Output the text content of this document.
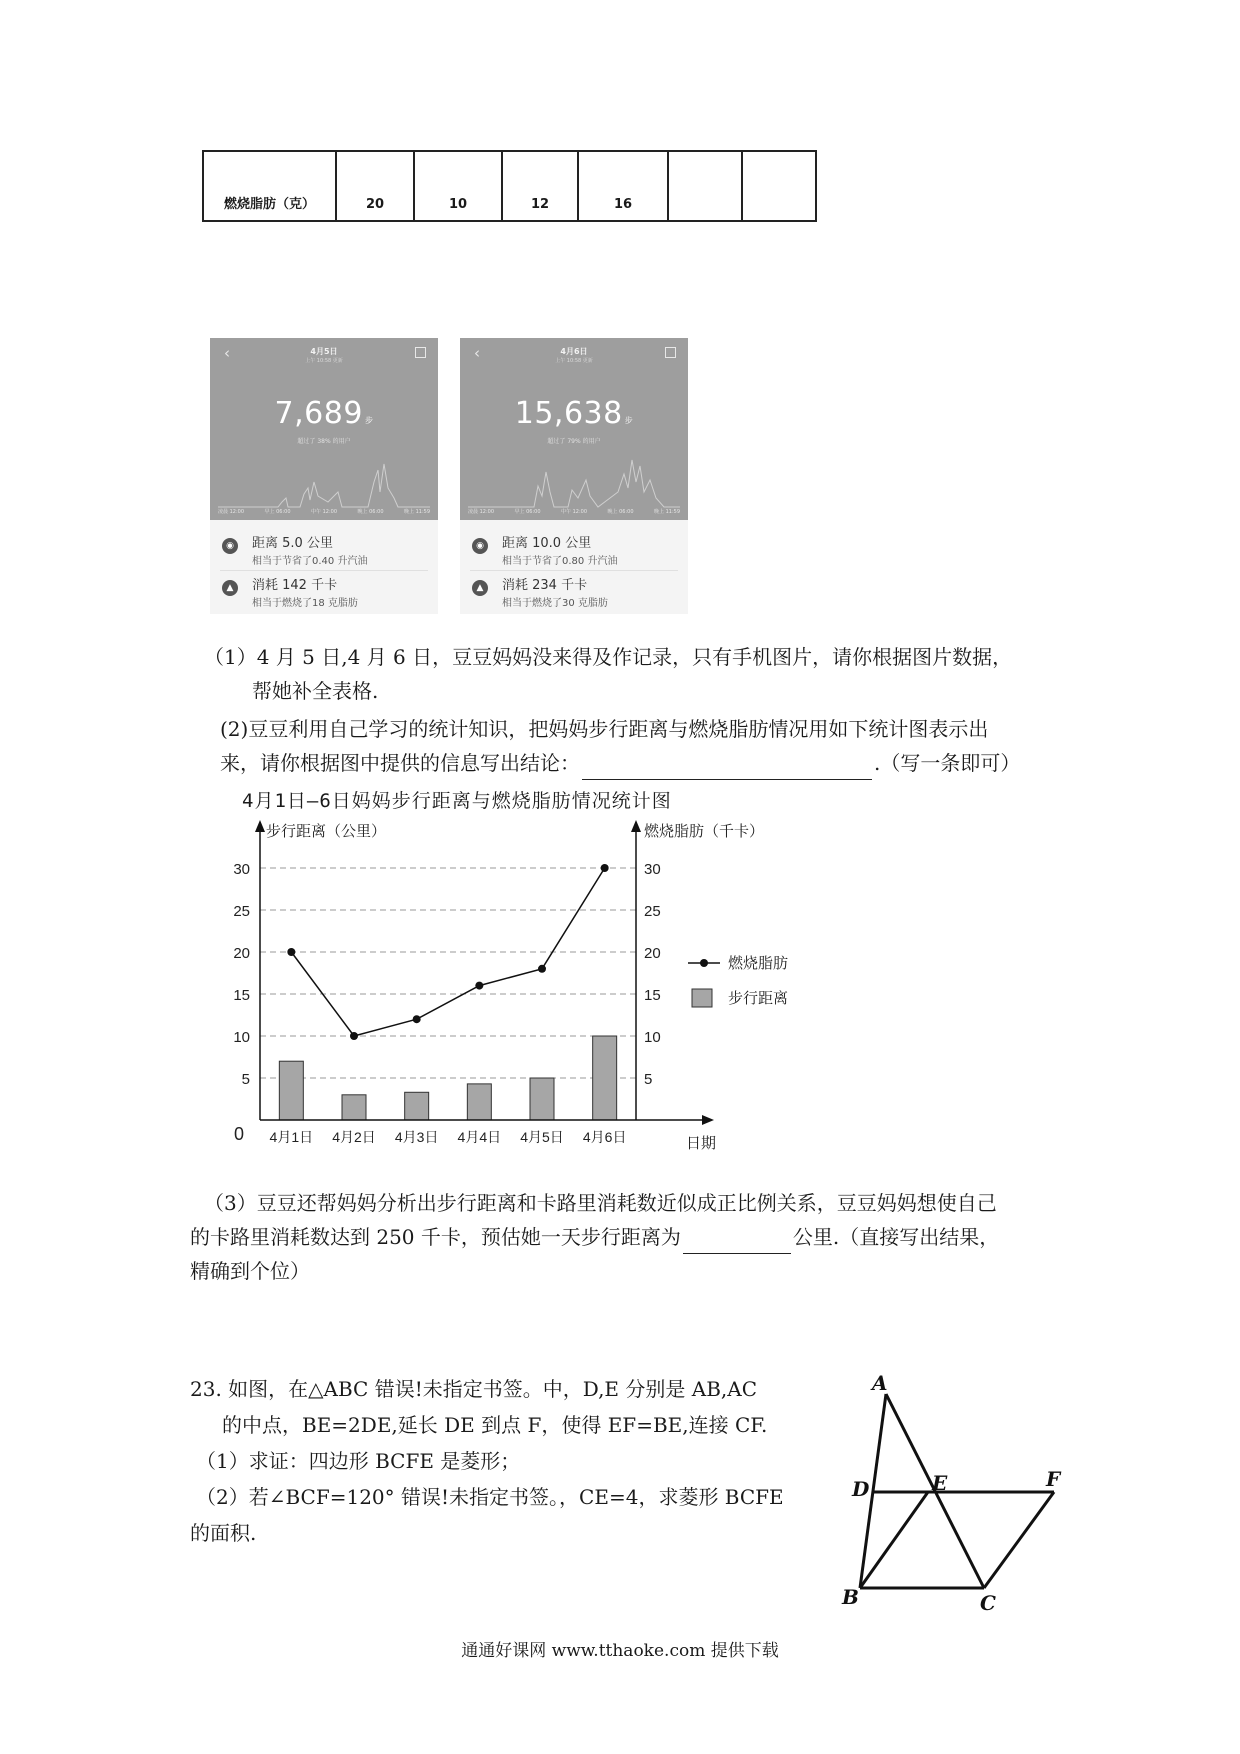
燃烧脂肪（克）	20	10	12	16		
‹	4月5日
上午 10:58 更新
7,689 步
超过了 38% 的用户
凌晨 12:00	早上 06:00	中午 12:00	晚上 06:00	晚上 11:59
◉	距离 5.0 公里
相当于节省了0.40 升汽油
▲	消耗 142 千卡
相当于燃烧了18 克脂肪
‹	4月6日
上午 10:58 更新
15,638 步
超过了 79% 的用户
凌晨 12:00	早上 06:00	中午 12:00	晚上 06:00	晚上 11:59
◉	距离 10.0 公里
相当于节省了0.80 升汽油
▲	消耗 234 千卡
相当于燃烧了30 克脂肪
（1）4 月 5 日,4 月 6 日，豆豆妈妈没来得及作记录，只有手机图片，请你根据图片数据，
帮她补全表格.
(2)豆豆利用自己学习的统计知识，把妈妈步行距离与燃烧脂肪情况用如下统计图表示出
来，请你根据图中提供的信息写出结论：	.（写一条即可）
4月1日—6日妈妈步行距离与燃烧脂肪情况统计图
5	5
10	10
15	15
20	20
25	25
30	30
4月1日 4月2日 4月3日 4月4日 4月5日 4月6日
步行距离（公里）	燃烧脂肪（千卡）
日期
0
燃烧脂肪
步行距离
（3）豆豆还帮妈妈分析出步行距离和卡路里消耗数近似成正比例关系，豆豆妈妈想使自己
的卡路里消耗数达到 250 千卡，预估她一天步行距离为	公里.（直接写出结果，
精确到个位）
23. 如图，在△ABC 错误!未指定书签。中，D,E 分别是 AB,AC
的中点，BE=2DE,延长 DE 到点 F，使得 EF=BE,连接 CF.
（1）求证：四边形 BCFE 是菱形；
（2）若∠BCF=120° 错误!未指定书签。，CE=4，求菱形 BCFE
的面积.
A
D	E	F
B	C
通通好课网 www.tthaoke.com 提供下载
